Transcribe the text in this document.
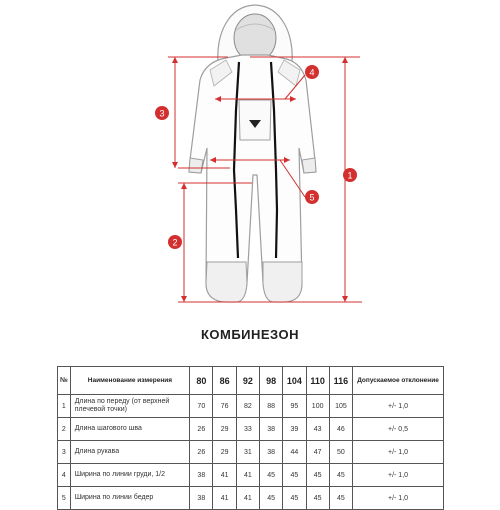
1
2
3
4
5
КОМБИНЕЗОН
№	Наименование измерения	80	86	92	98	104	110	116	Допускаемое отклонение
1	Длина по переду (от верхней плечевой точки)	70	76	82	88	95	100	105	+/- 1,0
2	Длина шагового шва	26	29	33	38	39	43	46	+/- 0,5
3	Длина рукава	26	29	31	38	44	47	50	+/- 1,0
4	Ширина по линии груди, 1/2	38	41	41	45	45	45	45	+/- 1,0
5	Ширина по линии бедер	38	41	41	45	45	45	45	+/- 1,0
